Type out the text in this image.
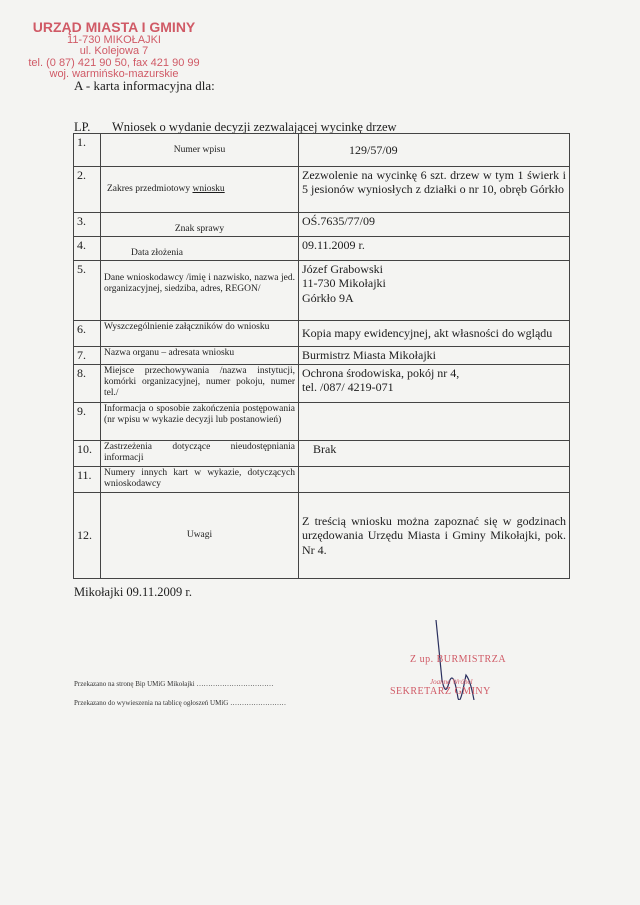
URZĄD MIASTA I GMINY
11-730 MIKOŁAJKI
ul. Kolejowa 7
tel. (0 87) 421 90 50, fax 421 90 99
woj. warmińsko-mazurskie
A - karta informacyjna dla:
LP. Wniosek o wydanie decyzji zezwalającej wycinkę drzew
1.	Numer wpisu	129/57/09
2.	Zakres przedmiotowy wniosku	Zezwolenie na wycinkę 6 szt. drzew w tym 1 świerk i 5 jesionów wyniosłych z działki o nr 10, obręb Górkło
3.	Znak sprawy	OŚ.7635/77/09
4.	Data złożenia	09.11.2009 r.
5.	Dane wnioskodawcy /imię i nazwisko, nazwa jed. organizacyjnej, siedziba, adres, REGON/	Józef Grabowski
11-730 Mikołajki
Górkło 9A

6.	Wyszczególnienie załączników do wniosku	Kopia mapy ewidencyjnej, akt własności do wglądu
7.	Nazwa organu – adresata wniosku	Burmistrz Miasta Mikołajki
8.	Miejsce przechowywania /nazwa instytucji, komórki organizacyjnej, numer pokoju, numer tel./	Ochrona środowiska, pokój nr 4,
tel. /087/ 4219-071

9.	Informacja o sposobie zakończenia postępowania (nr wpisu w wykazie decyzji lub postanowień)	
10.	Zastrzeżenia dotyczące nieudostępniania informacji	Brak
11.	Numery innych kart w wykazie, dotyczących wnioskodawcy	
12.	Uwagi	Z treścią wniosku można zapoznać się w godzinach urzędowania Urzędu Miasta i Gminy Mikołajki, pok. Nr 4.
Mikołajki 09.11.2009 r.
Przekazano na stronę Bip UMiG Mikołajki ……………………………
Przekazano do wywieszenia na tablicę ogłoszeń UMiG ……………………
Z up. BURMISTRZA
Joanna Wróbel
SEKRETARZ GMINY
